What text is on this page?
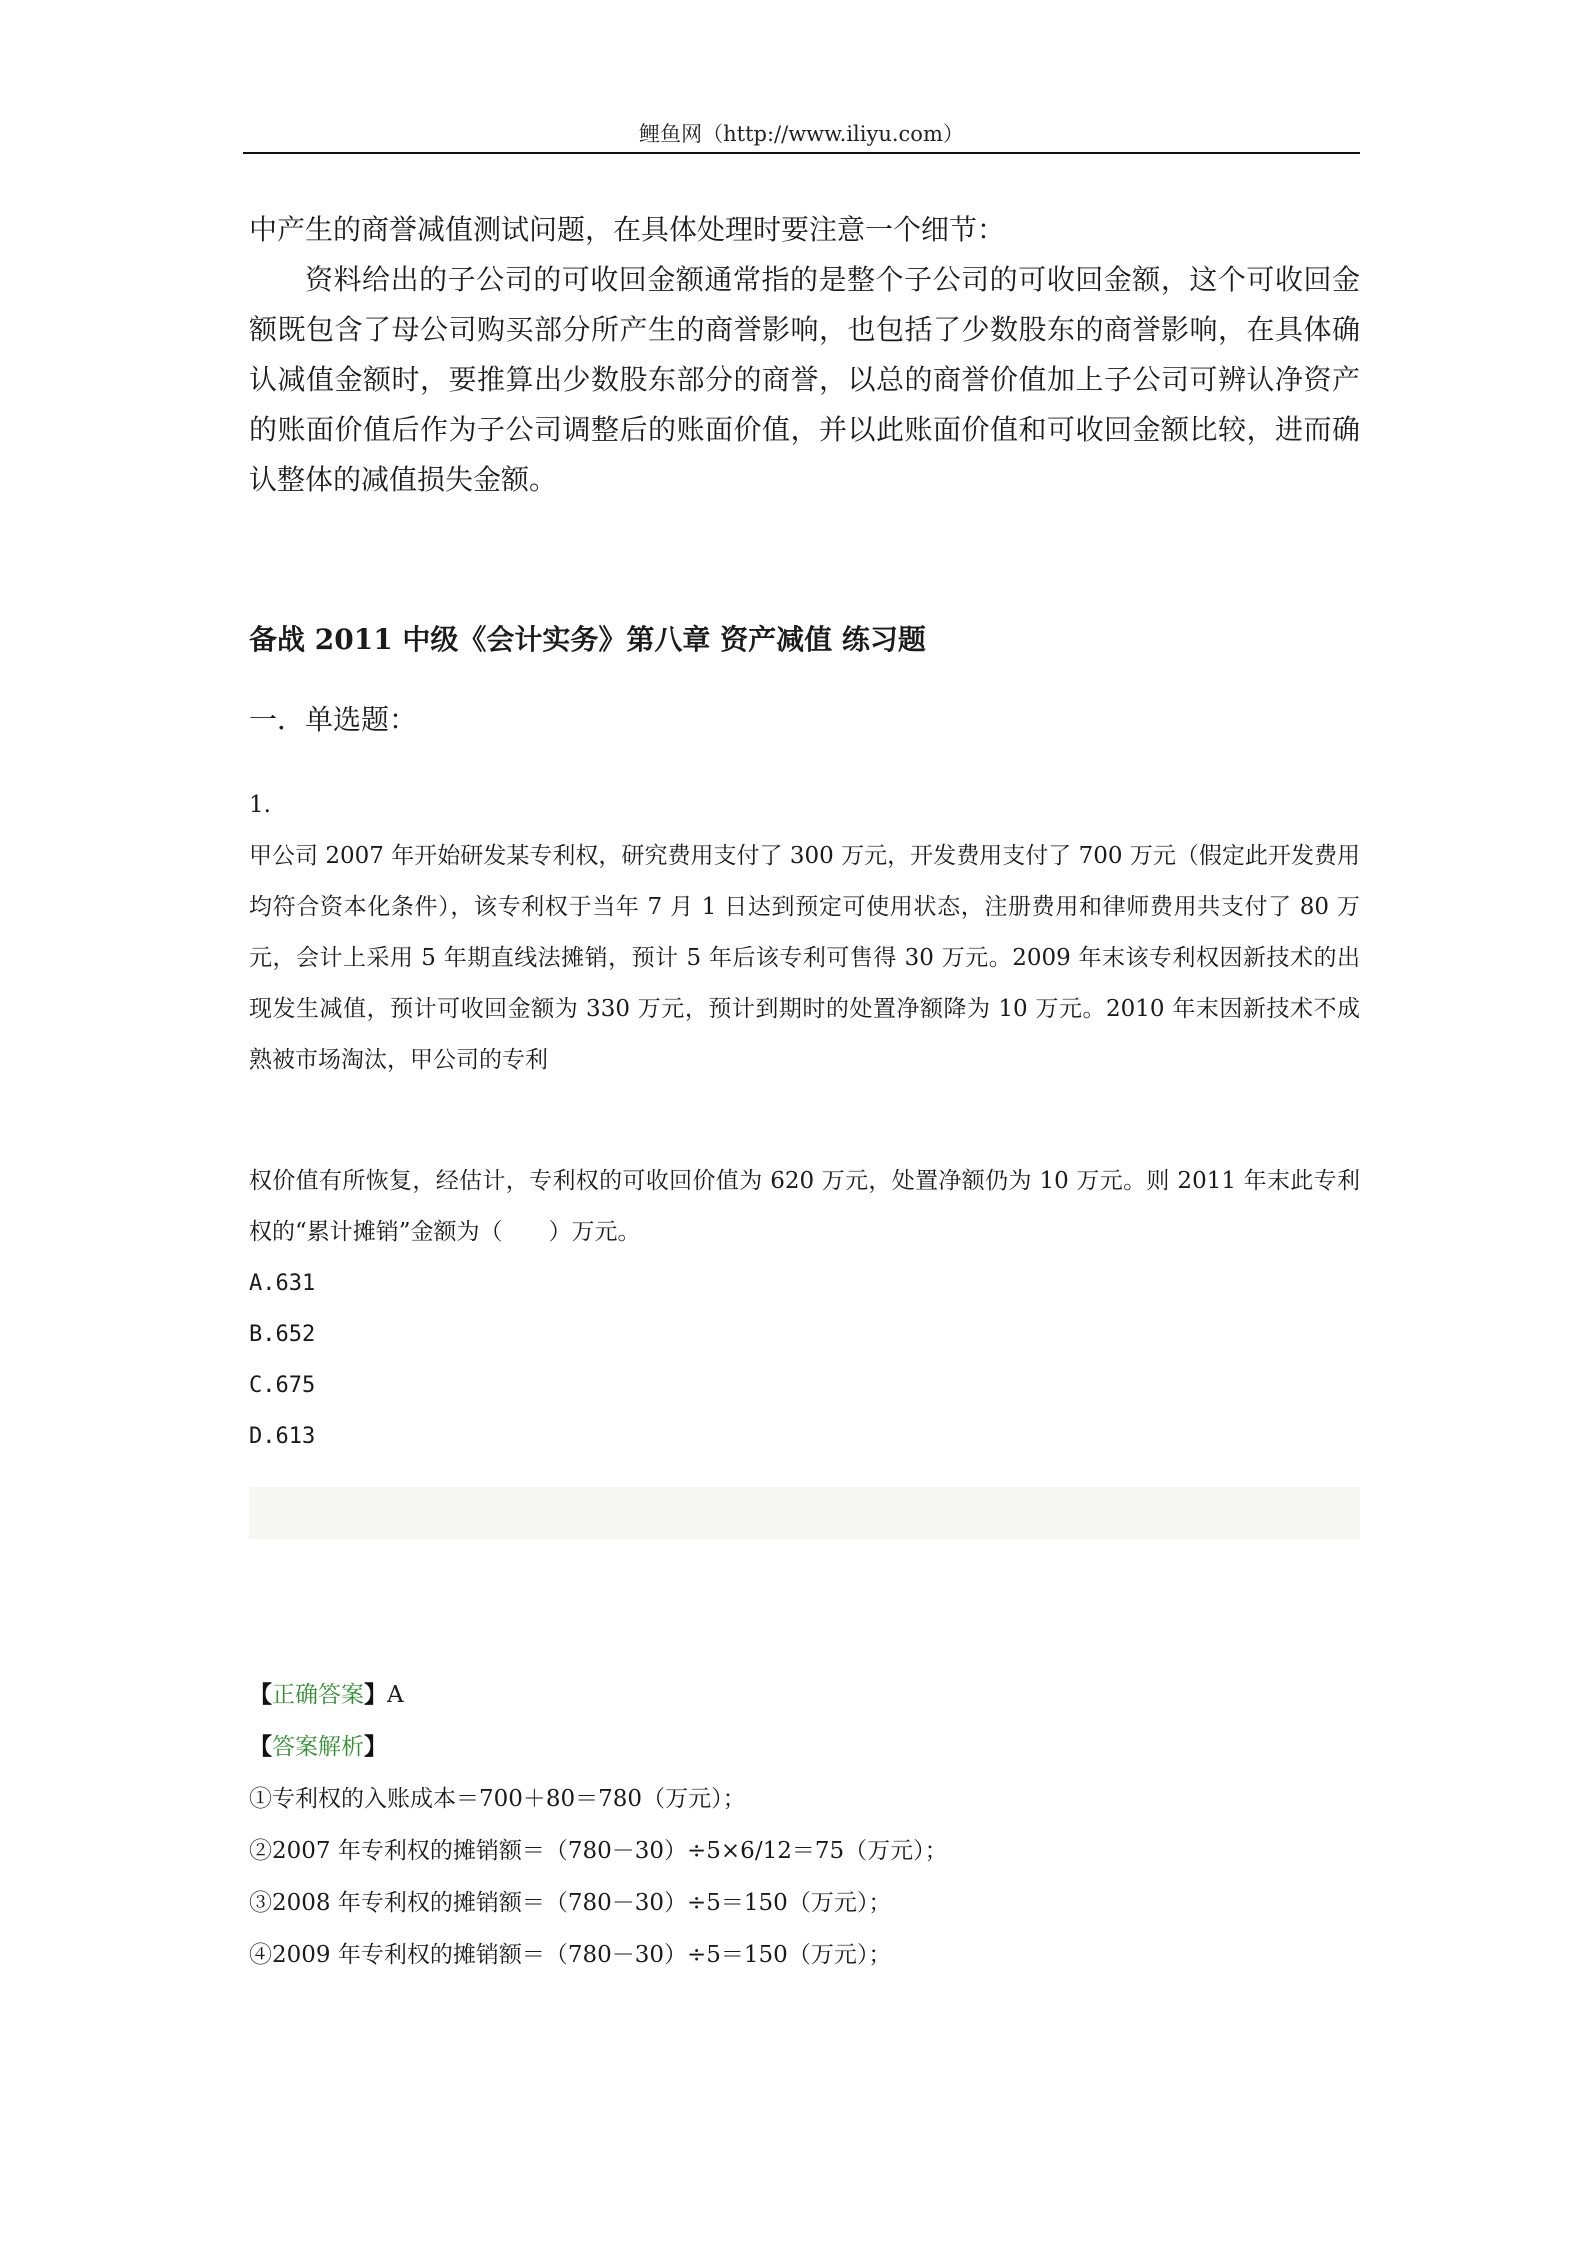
鲤鱼网（http://www.iliyu.com）

中产生的商誉减值测试问题，在具体处理时要注意一个细节：

资料给出的子公司的可收回金额通常指的是整个子公司的可收回金额，这个可收回金额既包含了母公司购买部分所产生的商誉影响，也包括了少数股东的商誉影响，在具体确认减值金额时，要推算出少数股东部分的商誉，以总的商誉价值加上子公司可辨认净资产的账面价值后作为子公司调整后的账面价值，并以此账面价值和可收回金额比较，进而确认整体的减值损失金额。

备战 2011 中级《会计实务》第八章 资产减值 练习题

一．单选题：

1.

甲公司 2007 年开始研发某专利权，研究费用支付了 300 万元，开发费用支付了 700 万元（假定此开发费用均符合资本化条件），该专利权于当年 7 月 1 日达到预定可使用状态，注册费用和律师费用共支付了 80 万元，会计上采用 5 年期直线法摊销，预计 5 年后该专利可售得 30 万元。2009 年末该专利权因新技术的出现发生减值，预计可收回金额为 330 万元，预计到期时的处置净额降为 10 万元。2010 年末因新技术不成熟被市场淘汰，甲公司的专利

权价值有所恢复，经估计，专利权的可收回价值为 620 万元，处置净额仍为 10 万元。则 2011 年末此专利权的“累计摊销”金额为（　　）万元。

A.631

B.652

C.675

D.613

【正确答案】A

【答案解析】

①专利权的入账成本＝700＋80＝780（万元）；

②2007 年专利权的摊销额＝（780－30）÷5×6/12＝75（万元）；

③2008 年专利权的摊销额＝（780－30）÷5＝150（万元）；

④2009 年专利权的摊销额＝（780－30）÷5＝150（万元）；
